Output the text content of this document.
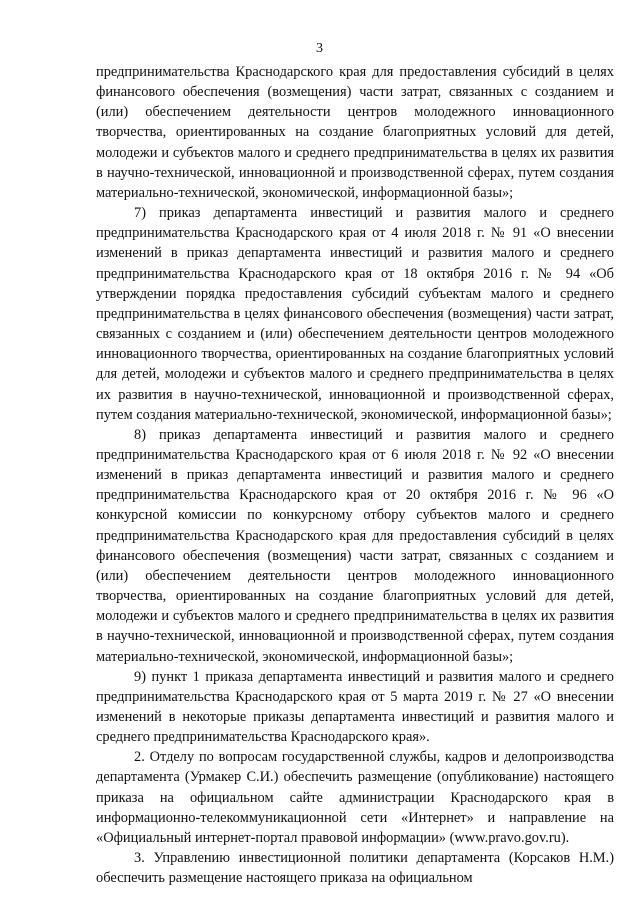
3

предпринимательства Краснодарского края для предоставления субсидий в целях финансового обеспечения (возмещения) части затрат, связанных с созданием и (или) обеспечением деятельности центров молодежного инновационного творчества, ориентированных на создание благоприятных условий для детей, молодежи и субъектов малого и среднего предпринимательства в целях их развития в научно-технической, инновационной и производственной сферах, путем создания материально-технической, экономической, информационной базы»;

7) приказ департамента инвестиций и развития малого и среднего предпринимательства Краснодарского края от 4 июля 2018 г. № 91 «О внесении изменений в приказ департамента инвестиций и развития малого и среднего предпринимательства Краснодарского края от 18 октября 2016 г. № 94 «Об утверждении порядка предоставления субсидий субъектам малого и среднего предпринимательства в целях финансового обеспечения (возмещения) части затрат, связанных с созданием и (или) обеспечением деятельности центров молодежного инновационного творчества, ориентированных на создание благоприятных условий для детей, молодежи и субъектов малого и среднего предпринимательства в целях их развития в научно-технической, инновационной и производственной сферах, путем создания материально-технической, экономической, информационной базы»;

8) приказ департамента инвестиций и развития малого и среднего предпринимательства Краснодарского края от 6 июля 2018 г. № 92 «О внесении изменений в приказ департамента инвестиций и развития малого и среднего предпринимательства Краснодарского края от 20 октября 2016 г. № 96 «О конкурсной комиссии по конкурсному отбору субъектов малого и среднего предпринимательства Краснодарского края для предоставления субсидий в целях финансового обеспечения (возмещения) части затрат, связанных с созданием и (или) обеспечением деятельности центров молодежного инновационного творчества, ориентированных на создание благоприятных условий для детей, молодежи и субъектов малого и среднего предпринимательства в целях их развития в научно-технической, инновационной и производственной сферах, путем создания материально-технической, экономической, информационной базы»;

9) пункт 1 приказа департамента инвестиций и развития малого и среднего предпринимательства Краснодарского края от 5 марта 2019 г. № 27 «О внесении изменений в некоторые приказы департамента инвестиций и развития малого и среднего предпринимательства Краснодарского края».

2. Отделу по вопросам государственной службы, кадров и делопроизводства департамента (Урмакер С.И.) обеспечить размещение (опубликование) настоящего приказа на официальном сайте администрации Краснодарского края в информационно-телекоммуникационной сети «Интернет» и направление на «Официальный интернет-портал правовой информации» (www.pravo.gov.ru).

3. Управлению инвестиционной политики департамента (Корсаков Н.М.) обеспечить размещение настоящего приказа на официальном
